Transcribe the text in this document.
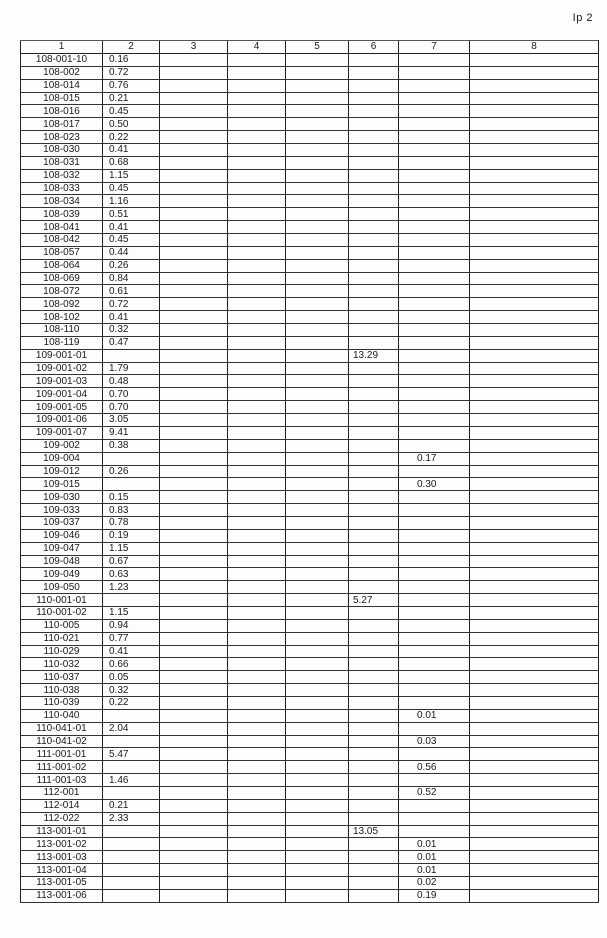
Ip 2
1	2	3	4	5	6	7	8
108-001-10	0.16						
108-002	0.72						
108-014	0.76						
108-015	0.21						
108-016	0.45						
108-017	0.50						
108-023	0.22						
108-030	0.41						
108-031	0.68						
108-032	1.15						
108-033	0.45						
108-034	1.16						
108-039	0.51						
108-041	0.41						
108-042	0.45						
108-057	0.44						
108-064	0.26						
108-069	0.84						
108-072	0.61						
108-092	0.72						
108-102	0.41						
108-110	0.32						
108-119	0.47						
109-001-01					13.29		
109-001-02	1.79						
109-001-03	0.48						
109-001-04	0.70						
109-001-05	0.70						
109-001-06	3.05						
109-001-07	9.41						
109-002	0.38						
109-004						0.17	
109-012	0.26						
109-015						0.30	
109-030	0.15						
109-033	0.83						
109-037	0.78						
109-046	0.19						
109-047	1.15						
109-048	0.67						
109-049	0.63						
109-050	1.23						
110-001-01					5.27		
110-001-02	1.15						
110-005	0.94						
110-021	0.77						
110-029	0.41						
110-032	0.66						
110-037	0.05						
110-038	0.32						
110-039	0.22						
110-040						0.01	
110-041-01	2.04						
110-041-02						0.03	
111-001-01	5.47						
111-001-02						0.56	
111-001-03	1.46						
112-001						0.52	
112-014	0.21						
112-022	2.33						
113-001-01					13.05		
113-001-02						0.01	
113-001-03						0.01	
113-001-04						0.01	
113-001-05						0.02	
113-001-06						0.19	
